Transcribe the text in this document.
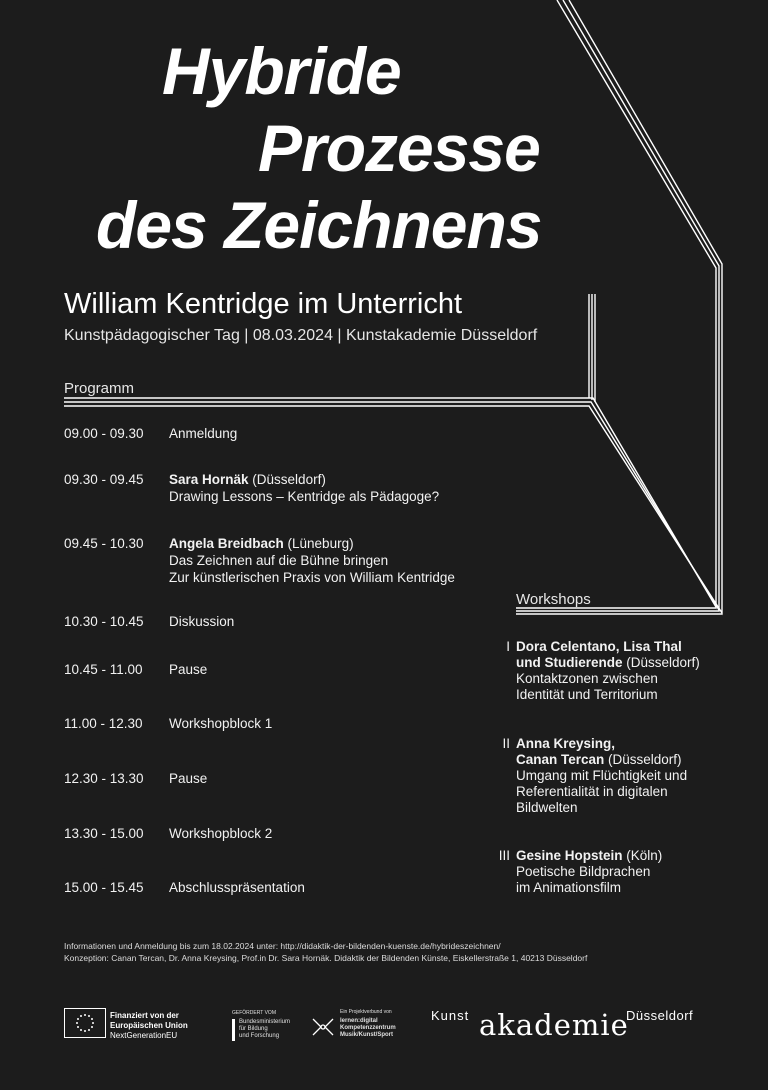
Hybride
Prozesse
des Zeichnens
William Kentridge im Unterricht
Kunstpädagogischer Tag | 08.03.2024 | Kunstakademie Düsseldorf
Programm
Workshops
09.00 - 09.30	Anmeldung
09.30 - 09.45	Sara Hornäk (Düsseldorf)
Drawing Lessons – Kentridge als Pädagoge?
09.45 - 10.30	Angela Breidbach (Lüneburg)
Das Zeichnen auf die Bühne bringen
Zur künstlerischen Praxis von William Kentridge
10.30 - 10.45	Diskussion
10.45 - 11.00	Pause
11.00 - 12.30	Workshopblock 1
12.30 - 13.30	Pause
13.30 - 15.00	Workshopblock 2
15.00 - 15.45	Abschlusspräsentation
I Dora Celentano, Lisa Thal
und Studierende (Düsseldorf)
Kontaktzonen zwischen
Identität und Territorium
II Anna Kreysing,
Canan Tercan (Düsseldorf)
Umgang mit Flüchtigkeit und
Referentialität in digitalen
Bildwelten
III Gesine Hopstein (Köln)
Poetische Bildprachen
im Animationsfilm
Informationen und Anmeldung bis zum 18.02.2024 unter: http://didaktik-der-bildenden-kuenste.de/hybrideszeichnen/
Konzeption: Canan Tercan, Dr. Anna Kreysing, Prof.in Dr. Sara Hornäk. Didaktik der Bildenden Künste, Eiskellerstraße 1, 40213 Düsseldorf
Finanziert von der
Europäischen Union
NextGenerationEU
GEFÖRDERT VOM
Bundesministerium
für Bildung
und Forschung
Ein Projektverbund von
lernen:digital
Kompetenzzentrum
Musik/Kunst/Sport
Kunst akademie
Düsseldorf
